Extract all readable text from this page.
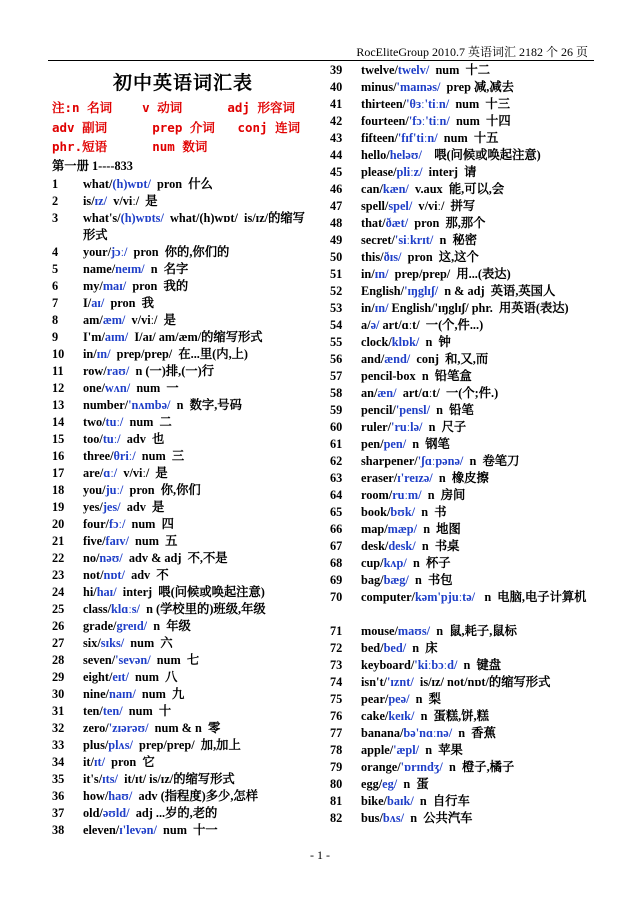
RocEliteGroup 2010.7 英语词汇 2182 个 26 页
初中英语词汇表
注:n 名词    v 动词      adj 形容词
adv 副词      prep 介词   conj 连词
phr.短语      num 数词
第一册 1----833
1	what/(h)wɒt/  pron  什么
2	is/ɪz/  v/viː/  是
3	what's/(h)wɒts/  what/(h)wɒt/  is/ɪz/的缩写形式
4	your/jɔː/  pron  你的,你们的
5	name/neɪm/  n  名字
6	my/maɪ/  pron  我的
7	I/aɪ/  pron  我
8	am/æm/  v/viː/  是
9	I'm/aɪm/  I/aɪ/ am/æm/的缩写形式
10	in/ɪn/  prep/prep/  在...里(内,上)
11	row/raʊ/  n (一)排,(一)行
12	one/wʌn/  num  一
13	number/'nʌmbə/  n  数字,号码
14	two/tuː/  num  二
15	too/tuː/  adv  也
16	three/θriː/  num  三
17	are/ɑː/  v/viː/  是
18	you/juː/  pron  你,你们
19	yes/jes/  adv  是
20	four/fɔː/  num  四
21	five/faɪv/  num  五
22	no/nəʊ/  adv & adj  不,不是
23	not/nɒt/  adv  不
24	hi/haɪ/  interj  喂(问候或唤起注意)
25	class/klɑːs/  n (学校里的)班级,年级
26	grade/greɪd/  n  年级
27	six/sɪks/  num  六
28	seven/'sevən/  num  七
29	eight/eɪt/  num  八
30	nine/naɪn/  num  九
31	ten/ten/  num  十
32	zero/'zɪərəʊ/  num & n  零
33	plus/plʌs/  prep/prep/  加,加上
34	it/ɪt/  pron  它
35	it's/ɪts/  it/ɪt/ is/ɪz/的缩写形式
36	how/haʊ/  adv (指程度)多少,怎样
37	old/əʊld/  adj ...岁的,老的
38	eleven/ɪ'levən/  num  十一
39	twelve/twelv/  num  十二
40	minus/'maɪnəs/  prep 减,减去
41	thirteen/'θɜː'tiːn/  num  十三
42	fourteen/'fɔː'tiːn/  num  十四
43	fifteen/'fɪf'tiːn/  num  十五
44	hello/heləʊ/    喂(问候或唤起注意)
45	please/pliːz/  interj  请
46	can/kæn/  v.aux  能,可以,会
47	spell/spel/  v/viː/  拼写
48	that/ðæt/  pron  那,那个
49	secret/'siːkrɪt/  n  秘密
50	this/ðɪs/  pron  这,这个
51	in/ɪn/  prep/prep/  用...(表达)
52	English/'ɪŋglɪʃ/  n & adj  英语,英国人
53	in/ɪn/ English/'ɪŋglɪʃ/ phr.  用英语(表达)
54	a/ə/ art/ɑːt/  一(个,件...)
55	clock/klɒk/  n  钟
56	and/ænd/  conj  和,又,而
57	pencil-box  n  铅笔盒
58	an/æn/  art/ɑːt/  一(个;件.)
59	pencil/'pensl/  n  铅笔
60	ruler/'ruːlə/  n  尺子
61	pen/pen/  n  钢笔
62	sharpener/'ʃɑːpənə/  n  卷笔刀
63	eraser/ɪ'reɪzə/  n  橡皮擦
64	room/ruːm/  n  房间
65	book/bʊk/  n  书
66	map/mæp/  n  地图
67	desk/desk/  n  书桌
68	cup/kʌp/  n  杯子
69	bag/bæg/  n  书包
70	computer/kəm'pjuːtə/   n  电脑,电子计算机
71	mouse/maʊs/  n  鼠,耗子,鼠标
72	bed/bed/  n  床
73	keyboard/'kiːbɔːd/  n  键盘
74	isn't/'ɪznt/  is/ɪz/ not/nɒt/的缩写形式
75	pear/peə/  n  梨
76	cake/keɪk/  n  蛋糕,饼,糕
77	banana/bə'nɑːnə/  n  香蕉
78	apple/'æpl/  n  苹果
79	orange/'ɒrɪndʒ/  n  橙子,橘子
80	egg/eg/  n  蛋
81	bike/baɪk/  n  自行车
82	bus/bʌs/  n  公共汽车
- 1 -
